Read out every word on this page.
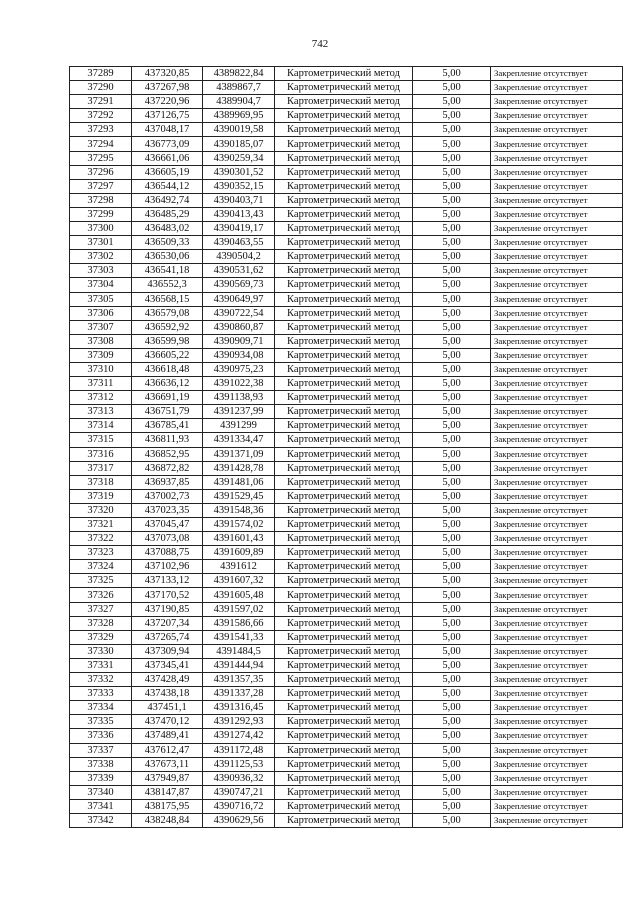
742
37289	437320,85	4389822,84	Картометрический метод	5,00	Закрепление отсутствует
37290	437267,98	4389867,7	Картометрический метод	5,00	Закрепление отсутствует
37291	437220,96	4389904,7	Картометрический метод	5,00	Закрепление отсутствует
37292	437126,75	4389969,95	Картометрический метод	5,00	Закрепление отсутствует
37293	437048,17	4390019,58	Картометрический метод	5,00	Закрепление отсутствует
37294	436773,09	4390185,07	Картометрический метод	5,00	Закрепление отсутствует
37295	436661,06	4390259,34	Картометрический метод	5,00	Закрепление отсутствует
37296	436605,19	4390301,52	Картометрический метод	5,00	Закрепление отсутствует
37297	436544,12	4390352,15	Картометрический метод	5,00	Закрепление отсутствует
37298	436492,74	4390403,71	Картометрический метод	5,00	Закрепление отсутствует
37299	436485,29	4390413,43	Картометрический метод	5,00	Закрепление отсутствует
37300	436483,02	4390419,17	Картометрический метод	5,00	Закрепление отсутствует
37301	436509,33	4390463,55	Картометрический метод	5,00	Закрепление отсутствует
37302	436530,06	4390504,2	Картометрический метод	5,00	Закрепление отсутствует
37303	436541,18	4390531,62	Картометрический метод	5,00	Закрепление отсутствует
37304	436552,3	4390569,73	Картометрический метод	5,00	Закрепление отсутствует
37305	436568,15	4390649,97	Картометрический метод	5,00	Закрепление отсутствует
37306	436579,08	4390722,54	Картометрический метод	5,00	Закрепление отсутствует
37307	436592,92	4390860,87	Картометрический метод	5,00	Закрепление отсутствует
37308	436599,98	4390909,71	Картометрический метод	5,00	Закрепление отсутствует
37309	436605,22	4390934,08	Картометрический метод	5,00	Закрепление отсутствует
37310	436618,48	4390975,23	Картометрический метод	5,00	Закрепление отсутствует
37311	436636,12	4391022,38	Картометрический метод	5,00	Закрепление отсутствует
37312	436691,19	4391138,93	Картометрический метод	5,00	Закрепление отсутствует
37313	436751,79	4391237,99	Картометрический метод	5,00	Закрепление отсутствует
37314	436785,41	4391299	Картометрический метод	5,00	Закрепление отсутствует
37315	436811,93	4391334,47	Картометрический метод	5,00	Закрепление отсутствует
37316	436852,95	4391371,09	Картометрический метод	5,00	Закрепление отсутствует
37317	436872,82	4391428,78	Картометрический метод	5,00	Закрепление отсутствует
37318	436937,85	4391481,06	Картометрический метод	5,00	Закрепление отсутствует
37319	437002,73	4391529,45	Картометрический метод	5,00	Закрепление отсутствует
37320	437023,35	4391548,36	Картометрический метод	5,00	Закрепление отсутствует
37321	437045,47	4391574,02	Картометрический метод	5,00	Закрепление отсутствует
37322	437073,08	4391601,43	Картометрический метод	5,00	Закрепление отсутствует
37323	437088,75	4391609,89	Картометрический метод	5,00	Закрепление отсутствует
37324	437102,96	4391612	Картометрический метод	5,00	Закрепление отсутствует
37325	437133,12	4391607,32	Картометрический метод	5,00	Закрепление отсутствует
37326	437170,52	4391605,48	Картометрический метод	5,00	Закрепление отсутствует
37327	437190,85	4391597,02	Картометрический метод	5,00	Закрепление отсутствует
37328	437207,34	4391586,66	Картометрический метод	5,00	Закрепление отсутствует
37329	437265,74	4391541,33	Картометрический метод	5,00	Закрепление отсутствует
37330	437309,94	4391484,5	Картометрический метод	5,00	Закрепление отсутствует
37331	437345,41	4391444,94	Картометрический метод	5,00	Закрепление отсутствует
37332	437428,49	4391357,35	Картометрический метод	5,00	Закрепление отсутствует
37333	437438,18	4391337,28	Картометрический метод	5,00	Закрепление отсутствует
37334	437451,1	4391316,45	Картометрический метод	5,00	Закрепление отсутствует
37335	437470,12	4391292,93	Картометрический метод	5,00	Закрепление отсутствует
37336	437489,41	4391274,42	Картометрический метод	5,00	Закрепление отсутствует
37337	437612,47	4391172,48	Картометрический метод	5,00	Закрепление отсутствует
37338	437673,11	4391125,53	Картометрический метод	5,00	Закрепление отсутствует
37339	437949,87	4390936,32	Картометрический метод	5,00	Закрепление отсутствует
37340	438147,87	4390747,21	Картометрический метод	5,00	Закрепление отсутствует
37341	438175,95	4390716,72	Картометрический метод	5,00	Закрепление отсутствует
37342	438248,84	4390629,56	Картометрический метод	5,00	Закрепление отсутствует
